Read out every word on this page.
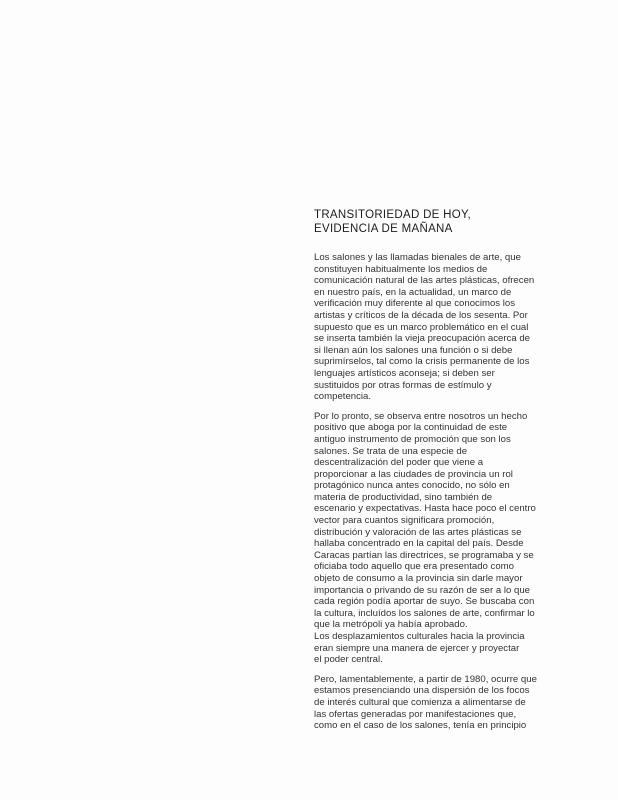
TRANSITORIEDAD DE HOY,
EVIDENCIA DE MAÑANA

Los salones y las llamadas bienales de arte, que
constituyen habitualmente los medios de
comunicación natural de las artes plásticas, ofrecen
en nuestro país, en la actualidad, un marco de
verificación muy diferente al que conocimos los
artistas y críticos de la década de los sesenta. Por
supuesto que es un marco problemático en el cual
se inserta también la vieja preocupación acerca de
si llenan aún los salones una función o si debe
suprimírselos, tal como la crisis permanente de los
lenguajes artísticos aconseja; si deben ser
sustituidos por otras formas de estímulo y
competencia.

Por lo pronto, se observa entre nosotros un hecho
positivo que aboga por la continuidad de este
antiguo instrumento de promoción que son los
salones. Se trata de una especie de
descentralización del poder que viene a
proporcionar a las ciudades de provincia un rol
protagónico nunca antes conocido, no sólo en
materia de productividad, sino también de
escenario y expectativas. Hasta hace poco el centro
vector para cuantos significara promoción,
distribución y valoración de las artes plásticas se
hallaba concentrado en la capital del país. Desde
Caracas partían las directrices, se programaba y se
oficiaba todo aquello que era presentado como
objeto de consumo a la provincia sin darle mayor
importancia o privando de su razón de ser a lo que
cada región podía aportar de suyo. Se buscaba con
la cultura, incluídos los salones de arte, confirmar lo
que la metrópoli ya había aprobado.
Los desplazamientos culturales hacia la provincia
eran siempre una manera de ejercer y proyectar
el poder central.

Pero, lamentablemente, a partir de 1980, ocurre que
estamos presenciando una dispersión de los focos
de interés cultural que comienza a alimentarse de
las ofertas generadas por manifestaciones que,
como en el caso de los salones, tenía en principio
